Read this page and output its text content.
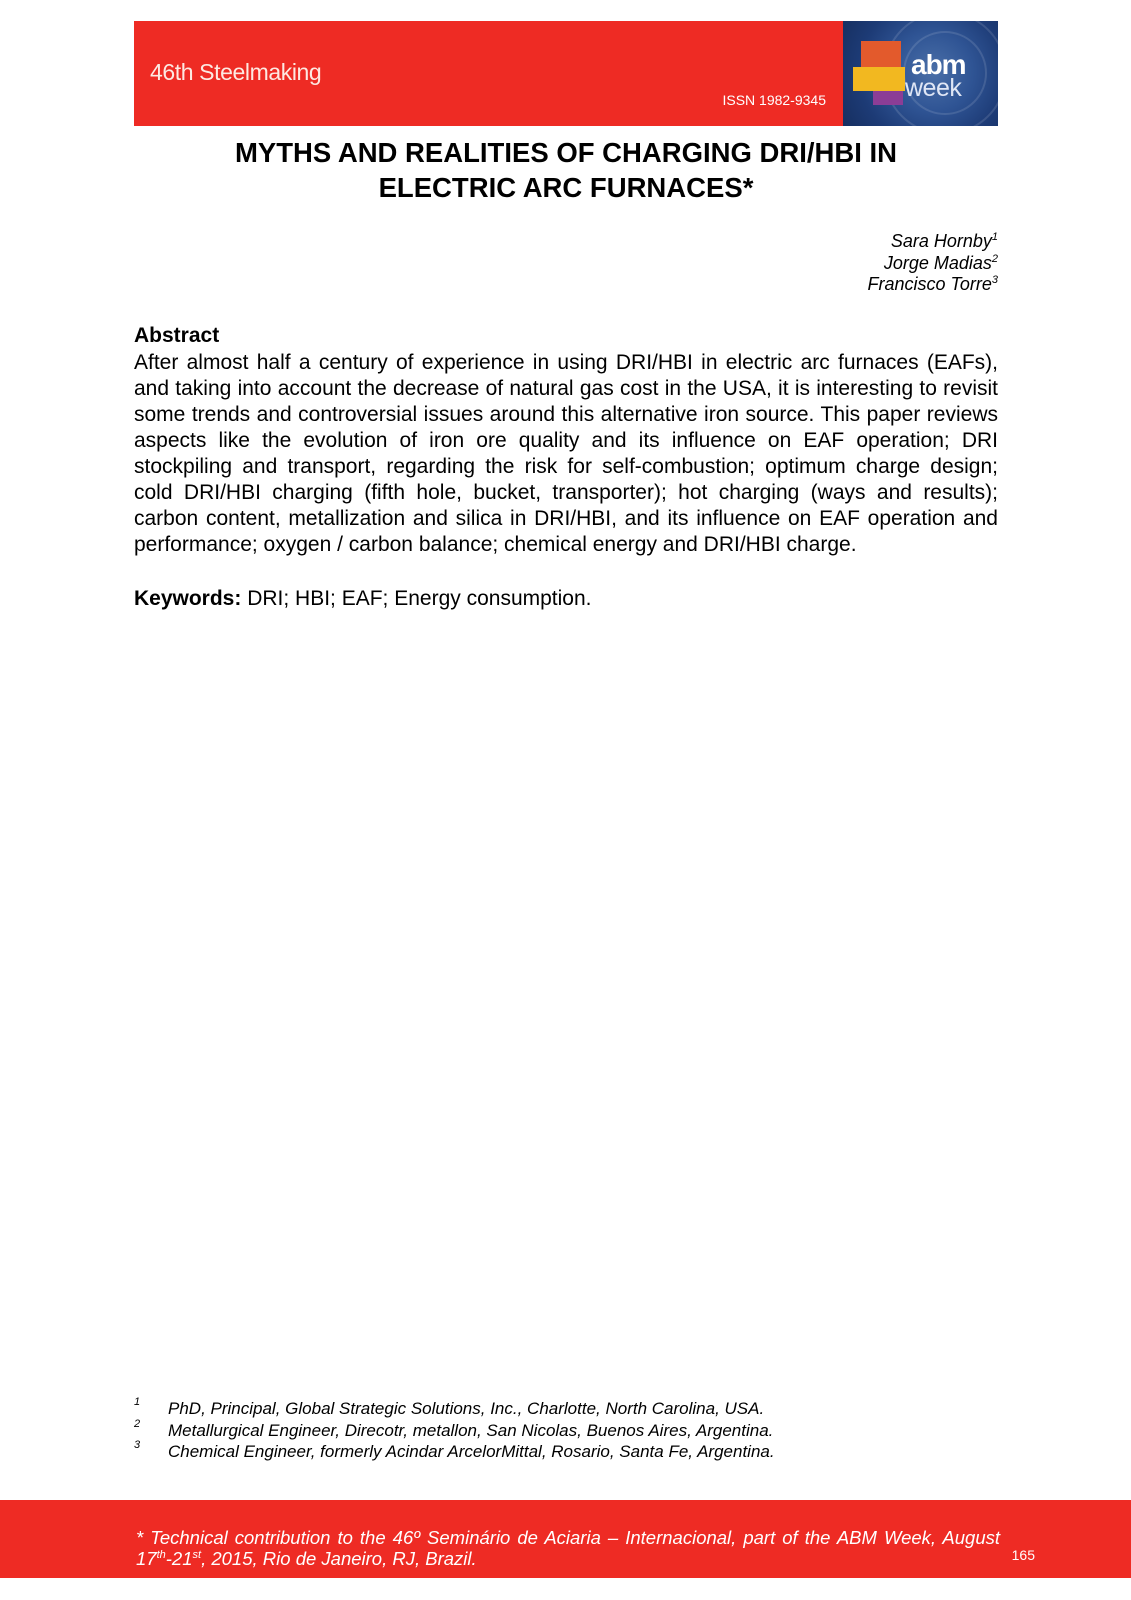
46th Steelmaking
ISSN 1982-9345
abm
week
MYTHS AND REALITIES OF CHARGING DRI/HBI IN
ELECTRIC ARC FURNACES*
Sara Hornby$^1$
Jorge Madias$^2$
Francisco Torre$^3$
Abstract
After almost half a century of experience in using DRI/HBI in electric arc furnaces (EAFs), and taking into account the decrease of natural gas cost in the USA, it is interesting to revisit some trends and controversial issues around this alternative iron source. This paper reviews aspects like the evolution of iron ore quality and its influence on EAF operation; DRI stockpiling and transport, regarding the risk for self-combustion; optimum charge design; cold DRI/HBI charging (fifth hole, bucket, transporter); hot charging (ways and results); carbon content, metallization and silica in DRI/HBI, and its influence on EAF operation and performance; oxygen / carbon balance; chemical energy and DRI/HBI charge.
Keywords: DRI; HBI; EAF; Energy consumption.
1 PhD, Principal, Global Strategic Solutions, Inc., Charlotte, North Carolina, USA.
2 Metallurgical Engineer, Direcotr, metallon, San Nicolas, Buenos Aires, Argentina.
3 Chemical Engineer, formerly Acindar ArcelorMittal, Rosario, Santa Fe, Argentina.
* Technical contribution to the 46º Seminário de Aciaria – Internacional, part of the ABM Week, August 17th-21st, 2015, Rio de Janeiro, RJ, Brazil.	165
